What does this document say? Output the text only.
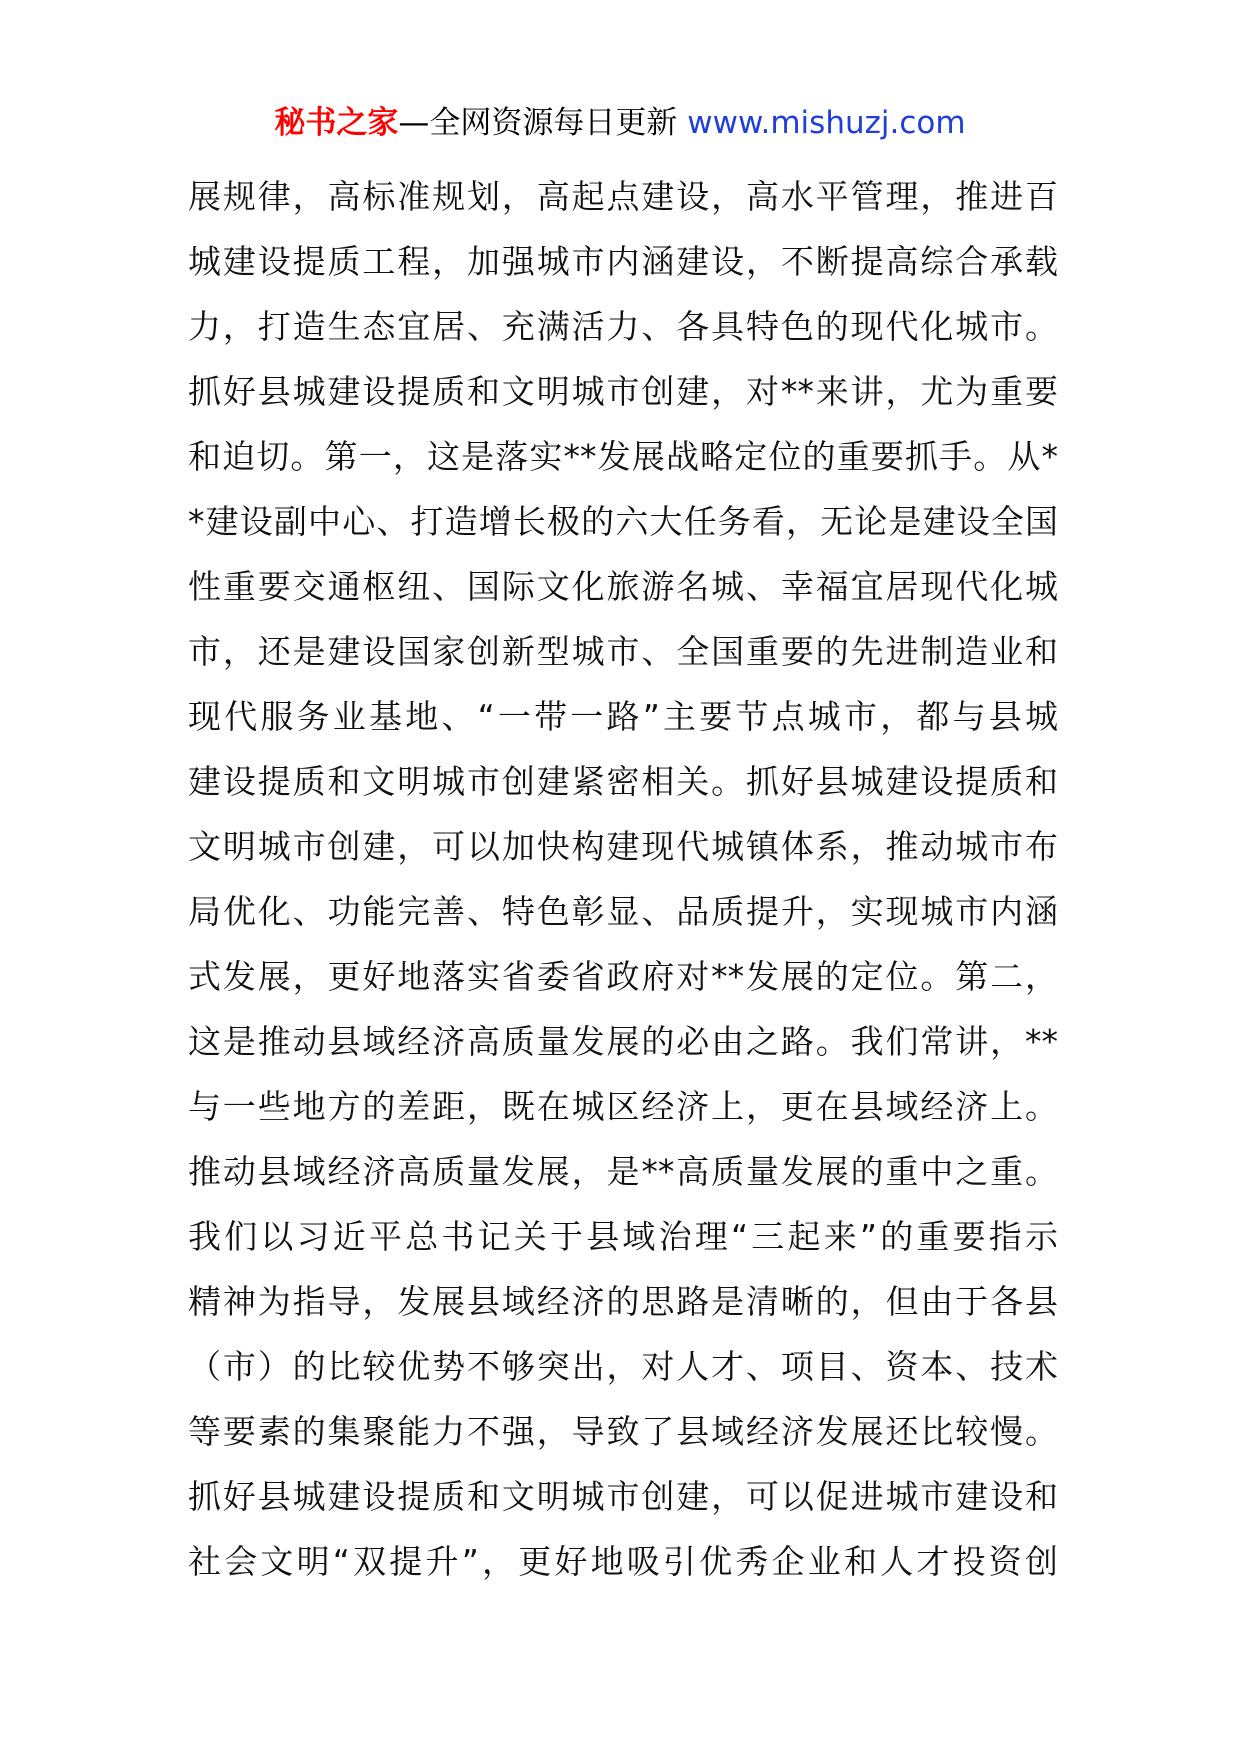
秘书之家—全网资源每日更新 www.mishuzj.com
展规律，高标准规划，高起点建设，高水平管理，推进百
城建设提质工程，加强城市内涵建设，不断提高综合承载
力，打造生态宜居、充满活力、各具特色的现代化城市。
抓好县城建设提质和文明城市创建，对**来讲，尤为重要
和迫切。第一，这是落实**发展战略定位的重要抓手。从*
*建设副中心、打造增长极的六大任务看，无论是建设全国
性重要交通枢纽、国际文化旅游名城、幸福宜居现代化城
市，还是建设国家创新型城市、全国重要的先进制造业和
现代服务业基地、“一带一路”主要节点城市，都与县城
建设提质和文明城市创建紧密相关。抓好县城建设提质和
文明城市创建，可以加快构建现代城镇体系，推动城市布
局优化、功能完善、特色彰显、品质提升，实现城市内涵
式发展，更好地落实省委省政府对**发展的定位。第二，
这是推动县域经济高质量发展的必由之路。我们常讲，**
与一些地方的差距，既在城区经济上，更在县域经济上。
推动县域经济高质量发展，是**高质量发展的重中之重。
我们以习近平总书记关于县域治理“三起来”的重要指示
精神为指导，发展县域经济的思路是清晰的，但由于各县
（市）的比较优势不够突出，对人才、项目、资本、技术
等要素的集聚能力不强，导致了县域经济发展还比较慢。
抓好县城建设提质和文明城市创建，可以促进城市建设和
社会文明“双提升”，更好地吸引优秀企业和人才投资创
